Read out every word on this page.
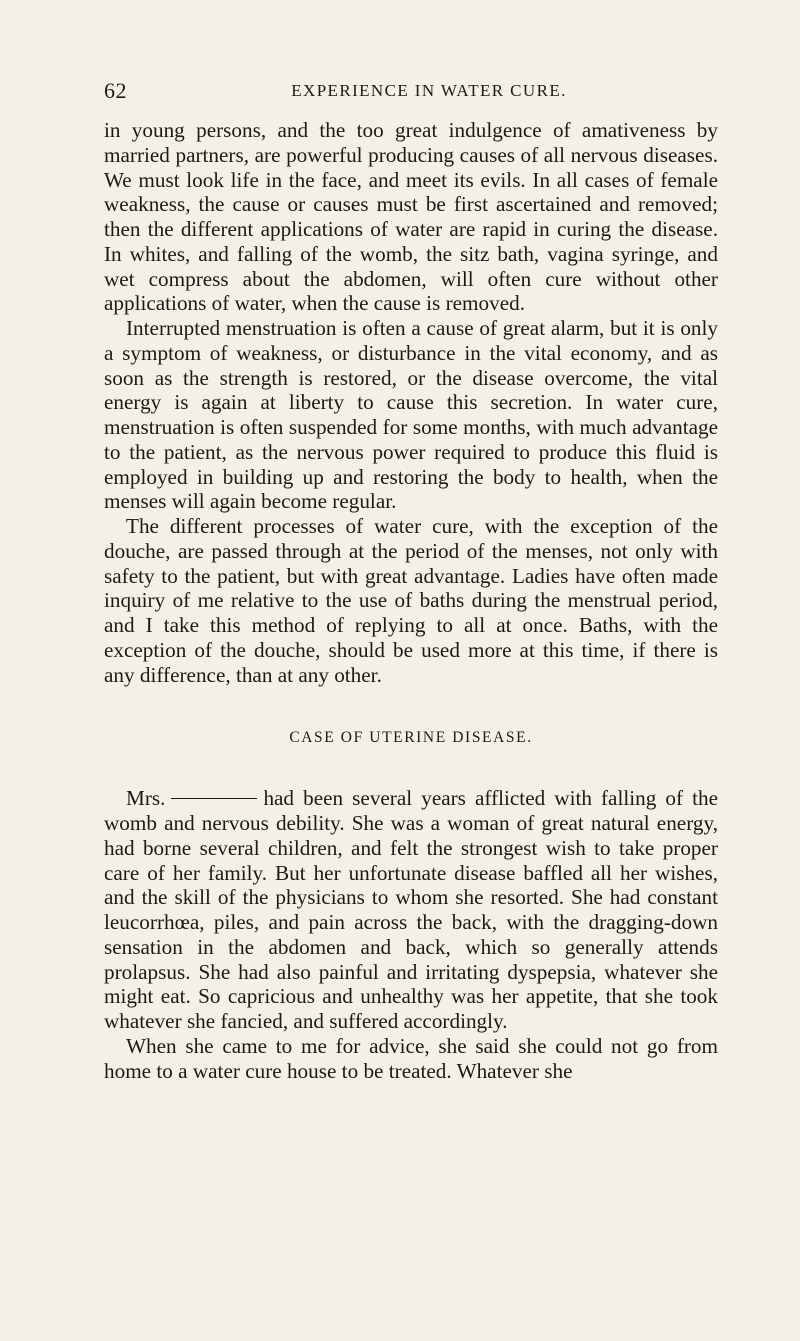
62	EXPERIENCE IN WATER CURE.

in young persons, and the too great indulgence of amativeness by married partners, are powerful producing causes of all nervous diseases. We must look life in the face, and meet its evils. In all cases of female weakness, the cause or causes must be first ascertained and removed; then the different applications of water are rapid in curing the disease. In whites, and falling of the womb, the sitz bath, vagina syringe, and wet compress about the abdomen, will often cure without other applications of water, when the cause is removed.

Interrupted menstruation is often a cause of great alarm, but it is only a symptom of weakness, or disturbance in the vital economy, and as soon as the strength is restored, or the disease overcome, the vital energy is again at liberty to cause this secretion. In water cure, menstruation is often suspended for some months, with much advantage to the patient, as the nervous power required to produce this fluid is employed in building up and restoring the body to health, when the menses will again become regular.

The different processes of water cure, with the exception of the douche, are passed through at the period of the menses, not only with safety to the patient, but with great advantage. Ladies have often made inquiry of me relative to the use of baths during the menstrual period, and I take this method of replying to all at once. Baths, with the exception of the douche, should be used more at this time, if there is any difference, than at any other.

CASE OF UTERINE DISEASE.

Mrs.	had been several years afflicted with falling of the womb and nervous debility. She was a woman of great natural energy, had borne several children, and felt the strongest wish to take proper care of her family. But her unfortunate disease baffled all her wishes, and the skill of the physicians to whom she resorted. She had constant leucorrhœa, piles, and pain across the back, with the dragging-down sensation in the abdomen and back, which so generally attends prolapsus. She had also painful and irritating dyspepsia, whatever she might eat. So capricious and unhealthy was her appetite, that she took whatever she fancied, and suffered accordingly.

When she came to me for advice, she said she could not go from home to a water cure house to be treated. Whatever she
